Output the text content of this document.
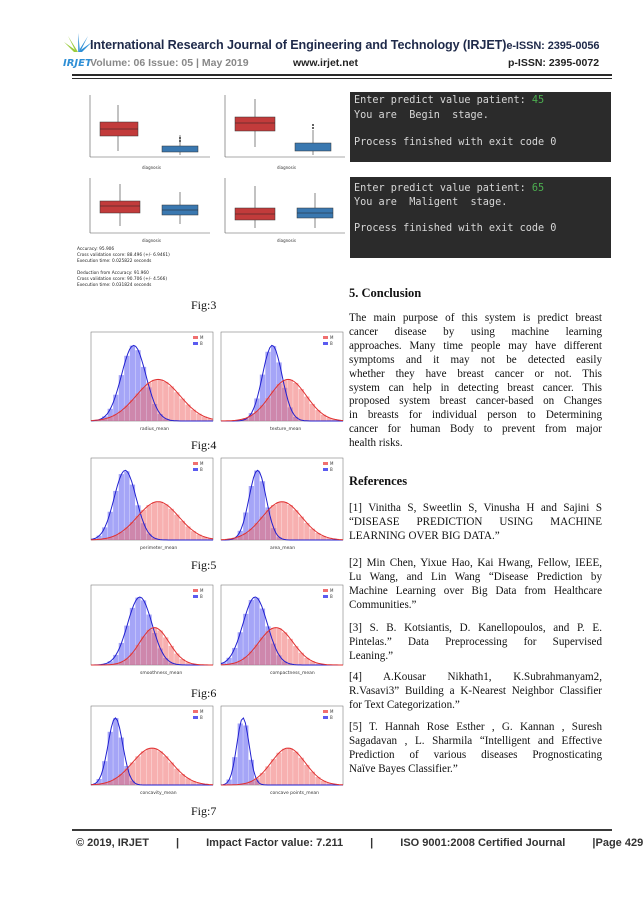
IRJET
International Research Journal of Engineering and Technology (IRJET)e-ISSN: 2395-0056
Volume: 06 Issue: 05 | May 2019	www.irjet.net	p-ISSN: 2395-0072
diagnosis	diagnosis
diagnosis	diagnosis
Accuracy: 95.906
Cross validation score: 88.496 (+/- 6.9461)
Execution time: 0.025822 seconds
Deduction from Accuracy: 91.960
Cross validation score: 90.706 (+/- 4.566)
Execution time: 0.031824 seconds
Fig:3
M
B
radius_mean
M
B
texture_mean
Fig:4
M
B
perimeter_mean
M
B
area_mean
Fig:5
M
B
smoothness_mean
M
B
compactness_mean
Fig:6
M
B
concavity_mean
M
B
concave points_mean
Fig:7
Enter predict value patient: 45
You are  Begin  stage.
Process finished with exit code 0
Enter predict value patient: 65
You are  Maligent  stage.
Process finished with exit code 0
5. Conclusion
The main purpose of this system is predict breast
cancer disease by using machine learning
approaches. Many time people may have different
symptoms and it may not be detected easily
whether they have breast cancer or not. This
system can help in detecting breast cancer. This
proposed system breast cancer-based on Changes
in breasts for individual person to Determining
cancer for human Body to prevent from major
health risks.
References
[1] Vinitha S, Sweetlin S, Vinusha H and Sajini S
“DISEASE PREDICTION USING MACHINE
LEARNING OVER BIG DATA.”
[2] Min Chen, Yixue Hao, Kai Hwang, Fellow, IEEE,
Lu Wang, and Lin Wang “Disease Prediction by
Machine Learning over Big Data from Healthcare
Communities.”
[3] S. B. Kotsiantis, D. Kanellopoulos, and P. E.
Pintelas.” Data Preprocessing for Supervised
Leaning.”
[4] A.Kousar Nikhath1, K.Subrahmanyam2,
R.Vasavi3” Building a K-Nearest Neighbor Classifier
for Text Categorization.”
[5] T. Hannah Rose Esther , G. Kannan , Suresh
Sagadavan , L. Sharmila “Intelligent and Effective
Prediction of various diseases Prognosticating
Naïve Bayes Classifier.”
© 2019, IRJET | Impact Factor value: 7.211 | ISO 9001:2008 Certified Journal |Page 429
